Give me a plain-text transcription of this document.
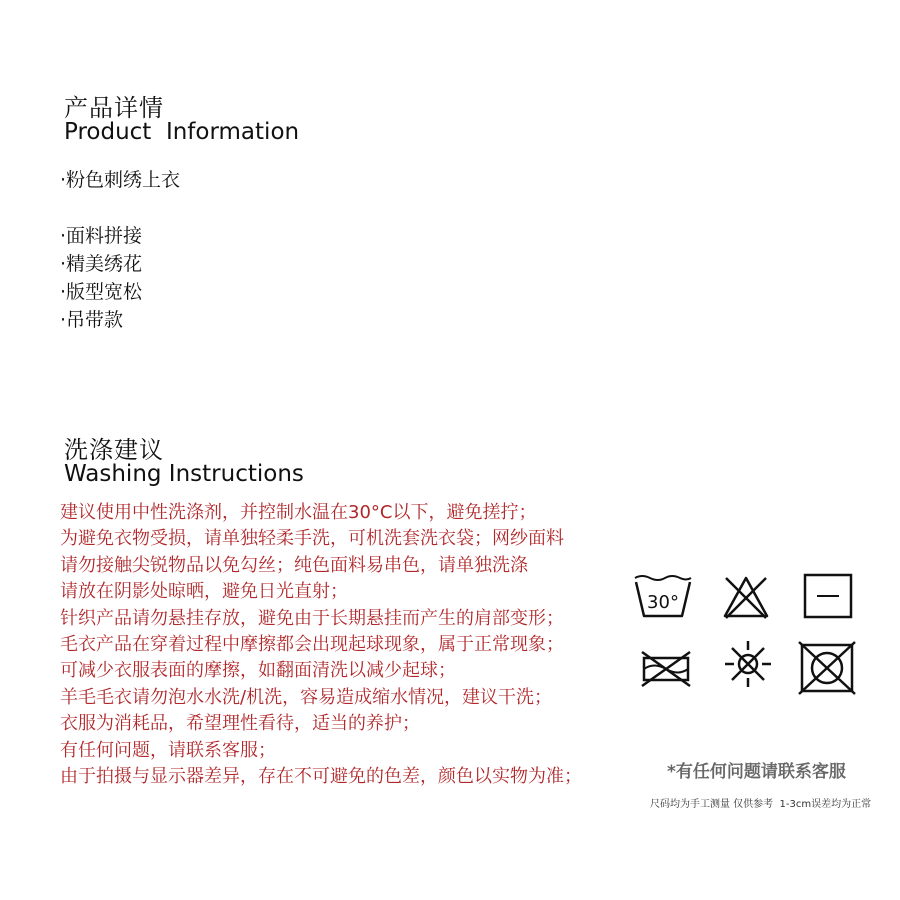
产品详情
Product  Information
·粉色刺绣上衣
·面料拼接
·精美绣花
·版型宽松
·吊带款
洗涤建议
Washing Instructions
建议使用中性洗涤剂，并控制水温在30°C以下，避免搓拧；
为避免衣物受损，请单独轻柔手洗，可机洗套洗衣袋；网纱面料
请勿接触尖锐物品以免勾丝；纯色面料易串色，请单独洗涤
请放在阴影处晾晒，避免日光直射；
针织产品请勿悬挂存放，避免由于长期悬挂而产生的肩部变形；
毛衣产品在穿着过程中摩擦都会出现起球现象，属于正常现象；
可减少衣服表面的摩擦，如翻面清洗以减少起球；
羊毛毛衣请勿泡水水洗/机洗，容易造成缩水情况，建议干洗；
衣服为消耗品，希望理性看待，适当的养护；
有任何问题，请联系客服；
由于拍摄与显示器差异，存在不可避免的色差，颜色以实物为准；
30°
*有任何问题请联系客服
尺码均为手工测量 仅供参考  1-3cm误差均为正常
